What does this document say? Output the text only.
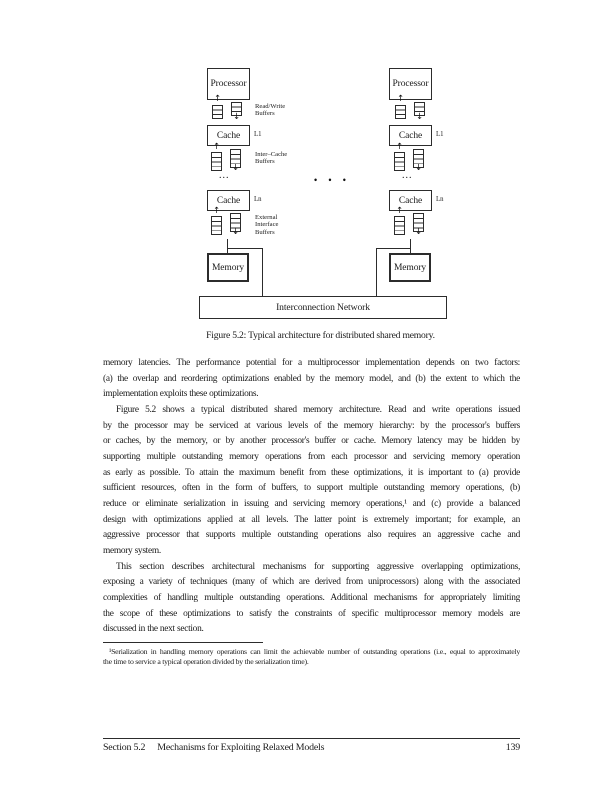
Processor
↑
↓
Read/Write
Buffers
Cache	L1
↑
↓
Inter–Cache
Buffers
...
Cache	Ln
↑
↓
External
Interface
Buffers
Memory
• • •
Processor
↑
↓
Cache	L1
↑
↓
...
Cache	Ln
↑
↓
Memory
Interconnection Network
Figure 5.2: Typical architecture for distributed shared memory.
memory latencies. The performance potential for a multiprocessor implementation depends on two factors:
(a) the overlap and reordering optimizations enabled by the memory model, and (b) the extent to which the
implementation exploits these optimizations.
Figure 5.2 shows a typical distributed shared memory architecture. Read and write operations issued
by the processor may be serviced at various levels of the memory hierarchy: by the processor's buffers
or caches, by the memory, or by another processor's buffer or cache. Memory latency may be hidden by
supporting multiple outstanding memory operations from each processor and servicing memory operation
as early as possible. To attain the maximum benefit from these optimizations, it is important to (a) provide
sufficient resources, often in the form of buffers, to support multiple outstanding memory operations, (b)
reduce or eliminate serialization in issuing and servicing memory operations,¹ and (c) provide a balanced
design with optimizations applied at all levels. The latter point is extremely important; for example, an
aggressive processor that supports multiple outstanding operations also requires an aggressive cache and
memory system.
This section describes architectural mechanisms for supporting aggressive overlapping optimizations,
exposing a variety of techniques (many of which are derived from uniprocessors) along with the associated
complexities of handling multiple outstanding operations. Additional mechanisms for appropriately limiting
the scope of these optimizations to satisfy the constraints of specific multiprocessor memory models are
discussed in the next section.
¹Serialization in handling memory operations can limit the achievable number of outstanding operations (i.e., equal to approximately
the time to service a typical operation divided by the serialization time).
Section 5.2 Mechanisms for Exploiting Relaxed Models	139
